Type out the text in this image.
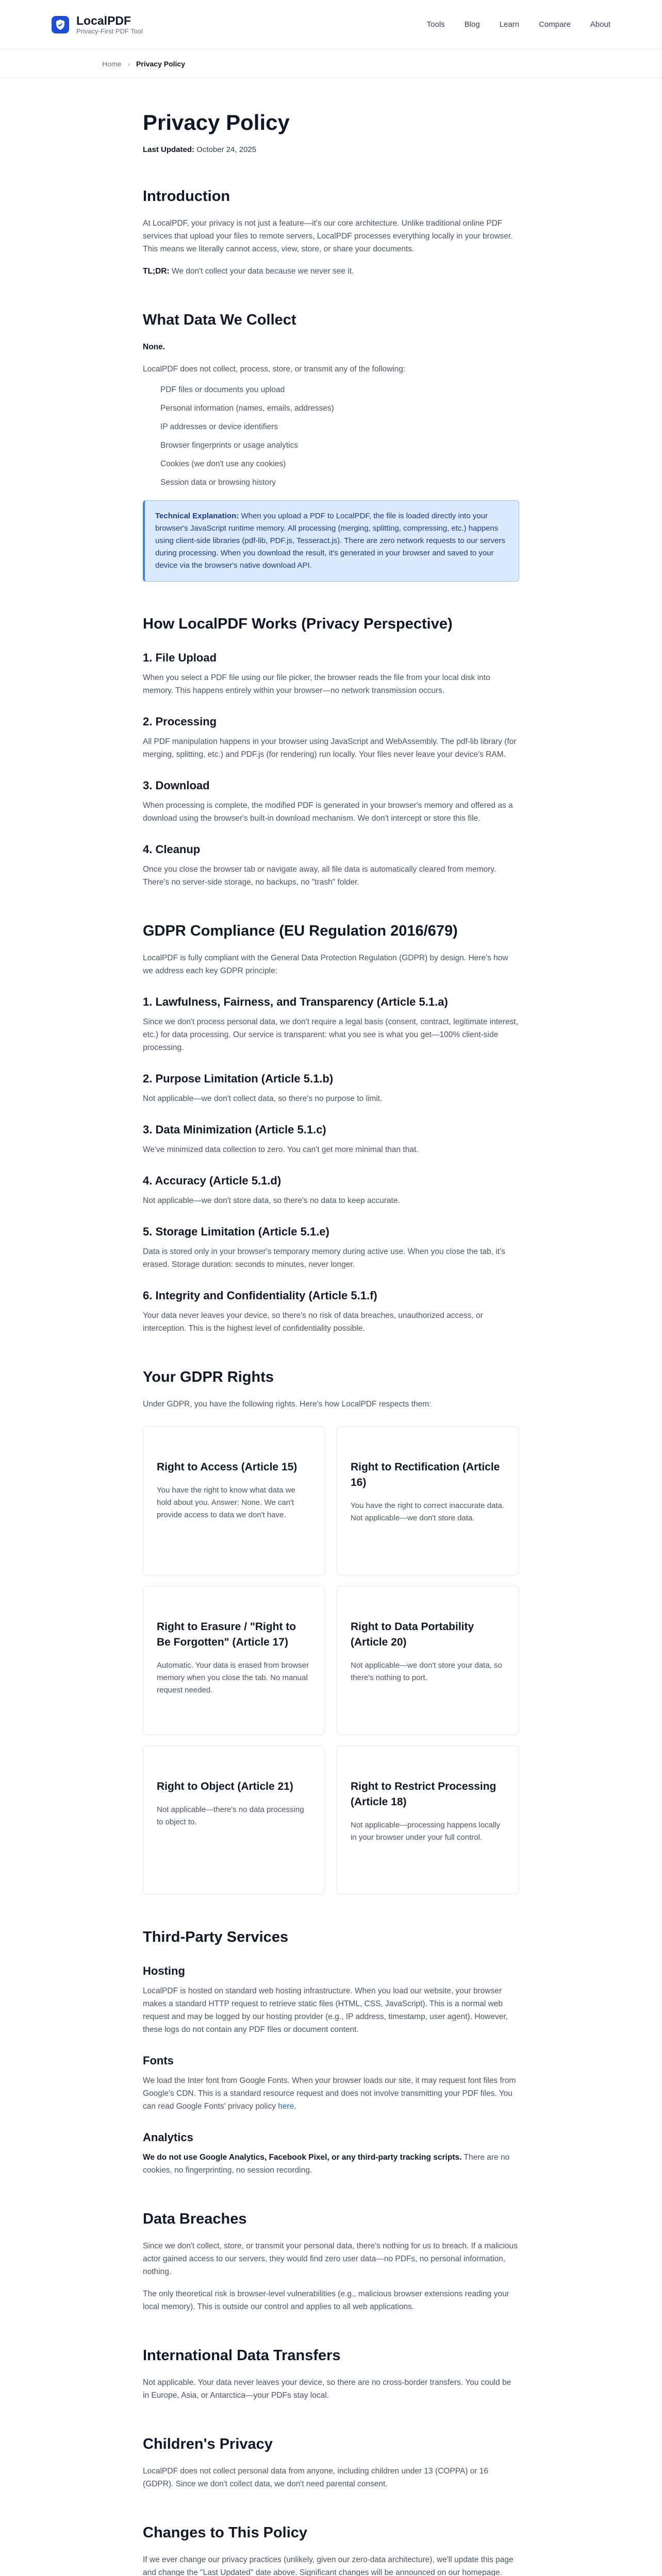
LocalPDF
Privacy-First PDF Tool
Tools	Blog	Learn	Compare	About
Home › Privacy Policy
Privacy Policy
Last Updated: October 24, 2025
Introduction

At LocalPDF, your privacy is not just a feature—it's our core architecture. Unlike traditional online PDF services that upload your files to remote servers, LocalPDF processes everything locally in your browser. This means we literally cannot access, view, store, or share your documents.

TL;DR: We don't collect your data because we never see it.

What Data We Collect

None.

LocalPDF does not collect, process, store, or transmit any of the following:

PDF files or documents you upload
Personal information (names, emails, addresses)
IP addresses or device identifiers
Browser fingerprints or usage analytics
Cookies (we don't use any cookies)
Session data or browsing history

Technical Explanation: When you upload a PDF to LocalPDF, the file is loaded directly into your browser's JavaScript runtime memory. All processing (merging, splitting, compressing, etc.) happens using client-side libraries (pdf-lib, PDF.js, Tesseract.js). There are zero network requests to our servers during processing. When you download the result, it's generated in your browser and saved to your device via the browser's native download API.

How LocalPDF Works (Privacy Perspective)
1. File Upload

When you select a PDF file using our file picker, the browser reads the file from your local disk into memory. This happens entirely within your browser—no network transmission occurs.

2. Processing

All PDF manipulation happens in your browser using JavaScript and WebAssembly. The pdf-lib library (for merging, splitting, etc.) and PDF.js (for rendering) run locally. Your files never leave your device's RAM.

3. Download

When processing is complete, the modified PDF is generated in your browser's memory and offered as a download using the browser's built-in download mechanism. We don't intercept or store this file.

4. Cleanup

Once you close the browser tab or navigate away, all file data is automatically cleared from memory. There's no server-side storage, no backups, no "trash" folder.

GDPR Compliance (EU Regulation 2016/679)

LocalPDF is fully compliant with the General Data Protection Regulation (GDPR) by design. Here's how we address each key GDPR principle:

1. Lawfulness, Fairness, and Transparency (Article 5.1.a)

Since we don't process personal data, we don't require a legal basis (consent, contract, legitimate interest, etc.) for data processing. Our service is transparent: what you see is what you get—100% client-side processing.

2. Purpose Limitation (Article 5.1.b)

Not applicable—we don't collect data, so there's no purpose to limit.

3. Data Minimization (Article 5.1.c)

We've minimized data collection to zero. You can't get more minimal than that.

4. Accuracy (Article 5.1.d)

Not applicable—we don't store data, so there's no data to keep accurate.

5. Storage Limitation (Article 5.1.e)

Data is stored only in your browser's temporary memory during active use. When you close the tab, it's erased. Storage duration: seconds to minutes, never longer.

6. Integrity and Confidentiality (Article 5.1.f)

Your data never leaves your device, so there's no risk of data breaches, unauthorized access, or interception. This is the highest level of confidentiality possible.

Your GDPR Rights

Under GDPR, you have the following rights. Here's how LocalPDF respects them:

Right to Access (Article 15)

You have the right to know what data we hold about you. Answer: None. We can't provide access to data we don't have.

Right to Rectification (Article 16)

You have the right to correct inaccurate data. Not applicable—we don't store data.

Right to Erasure / "Right to Be Forgotten" (Article 17)

Automatic. Your data is erased from browser memory when you close the tab. No manual request needed.

Right to Data Portability (Article 20)

Not applicable—we don't store your data, so there's nothing to port.

Right to Object (Article 21)

Not applicable—there's no data processing to object to.

Right to Restrict Processing (Article 18)

Not applicable—processing happens locally in your browser under your full control.

Third-Party Services
Hosting

LocalPDF is hosted on standard web hosting infrastructure. When you load our website, your browser makes a standard HTTP request to retrieve static files (HTML, CSS, JavaScript). This is a normal web request and may be logged by our hosting provider (e.g., IP address, timestamp, user agent). However, these logs do not contain any PDF files or document content.

Fonts

We load the Inter font from Google Fonts. When your browser loads our site, it may request font files from Google's CDN. This is a standard resource request and does not involve transmitting your PDF files. You can read Google Fonts' privacy policy here.

Analytics

We do not use Google Analytics, Facebook Pixel, or any third-party tracking scripts. There are no cookies, no fingerprinting, no session recording.

Data Breaches

Since we don't collect, store, or transmit your personal data, there's nothing for us to breach. If a malicious actor gained access to our servers, they would find zero user data—no PDFs, no personal information, nothing.

The only theoretical risk is browser-level vulnerabilities (e.g., malicious browser extensions reading your local memory). This is outside our control and applies to all web applications.

International Data Transfers

Not applicable. Your data never leaves your device, so there are no cross-border transfers. You could be in Europe, Asia, or Antarctica—your PDFs stay local.

Children's Privacy

LocalPDF does not collect personal data from anyone, including children under 13 (COPPA) or 16 (GDPR). Since we don't collect data, we don't need parental consent.

Changes to This Policy

If we ever change our privacy practices (unlikely, given our zero-data architecture), we'll update this page and change the "Last Updated" date above. Significant changes will be announced on our homepage.
